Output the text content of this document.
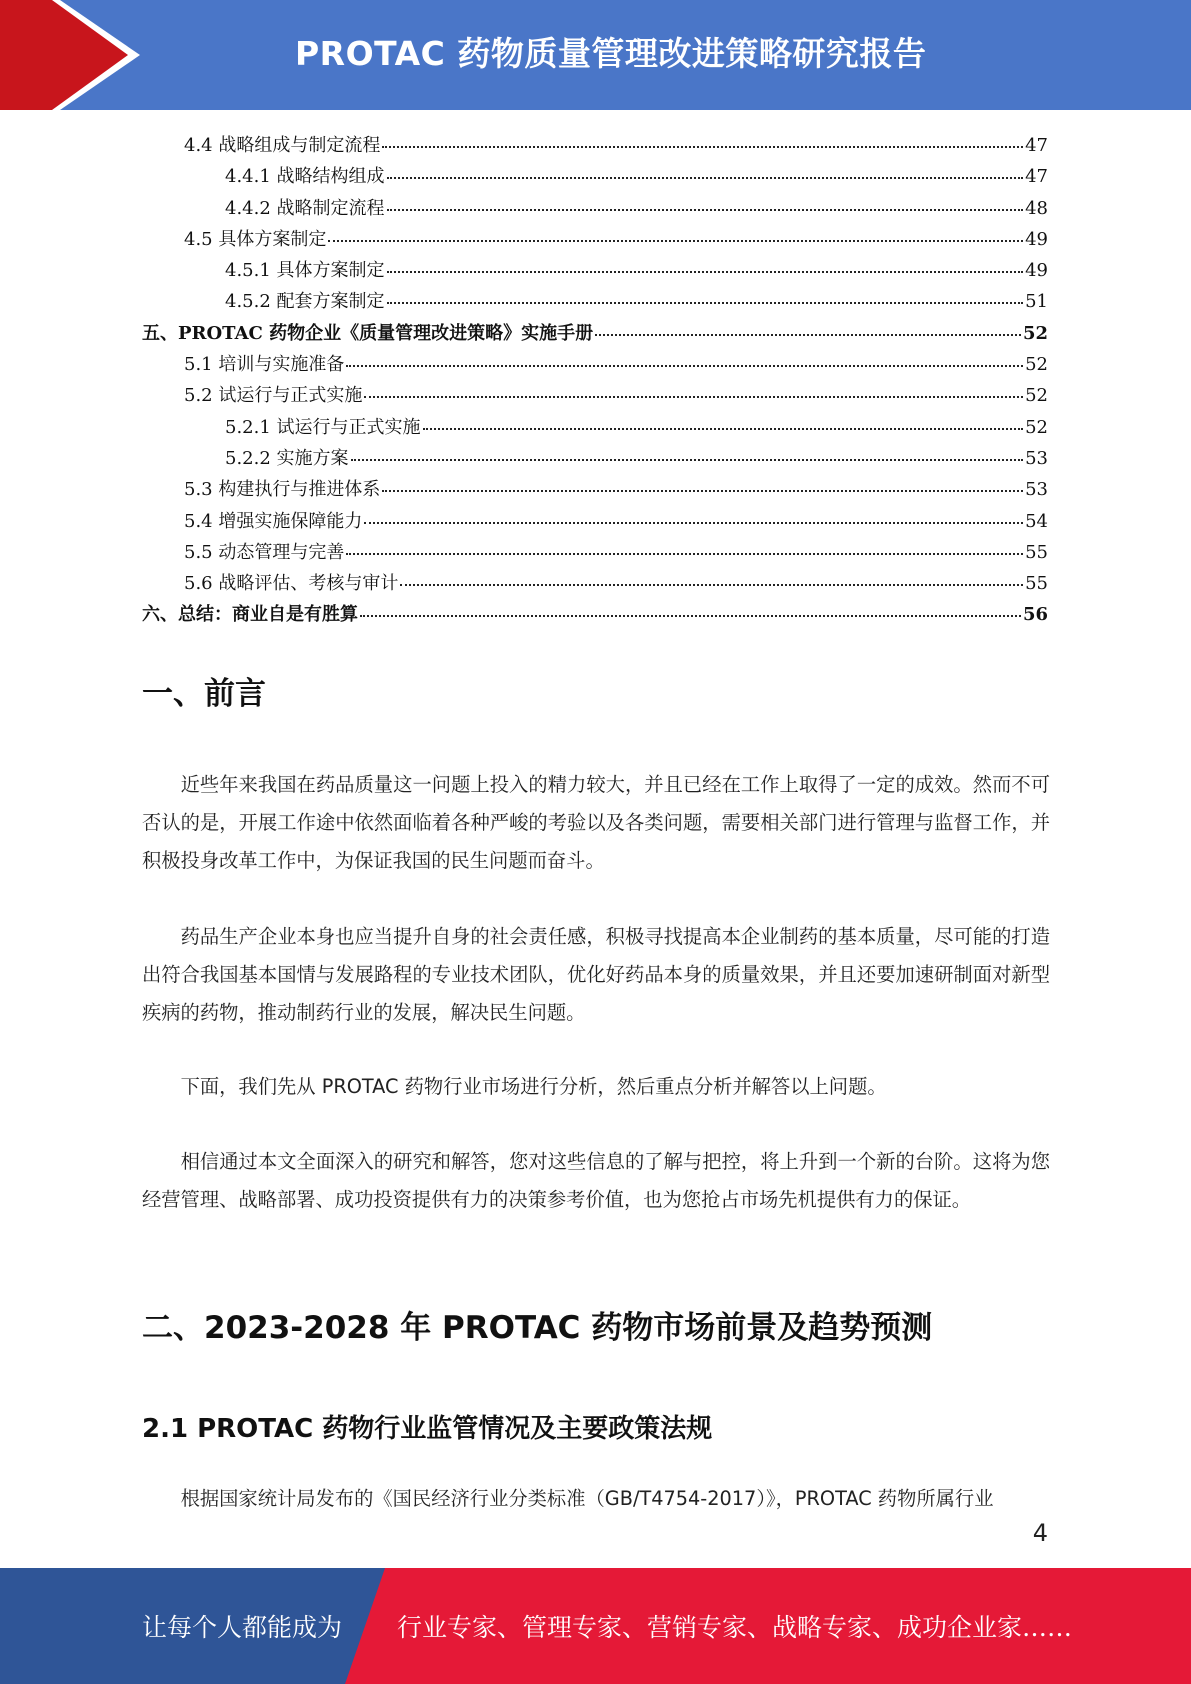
PROTAC 药物质量管理改进策略研究报告
4.4 战略组成与制定流程	47
4.4.1 战略结构组成	47
4.4.2 战略制定流程	48
4.5 具体方案制定	49
4.5.1 具体方案制定	49
4.5.2 配套方案制定	51
五、PROTAC 药物企业《质量管理改进策略》实施手册	52
5.1 培训与实施准备	52
5.2 试运行与正式实施	52
5.2.1 试运行与正式实施	52
5.2.2 实施方案	53
5.3 构建执行与推进体系	53
5.4 增强实施保障能力	54
5.5 动态管理与完善	55
5.6 战略评估、考核与审计	55
六、总结：商业自是有胜算	56
一、前言
近些年来我国在药品质量这一问题上投入的精力较大，并且已经在工作上取得了一定的成效。然而不可否认的是，开展工作途中依然面临着各种严峻的考验以及各类问题，需要相关部门进行管理与监督工作，并积极投身改革工作中，为保证我国的民生问题而奋斗。
药品生产企业本身也应当提升自身的社会责任感，积极寻找提高本企业制药的基本质量，尽可能的打造出符合我国基本国情与发展路程的专业技术团队，优化好药品本身的质量效果，并且还要加速研制面对新型疾病的药物，推动制药行业的发展，解决民生问题。
下面，我们先从 PROTAC 药物行业市场进行分析，然后重点分析并解答以上问题。
相信通过本文全面深入的研究和解答，您对这些信息的了解与把控，将上升到一个新的台阶。这将为您经营管理、战略部署、成功投资提供有力的决策参考价值，也为您抢占市场先机提供有力的保证。
二、2023-2028 年 PROTAC 药物市场前景及趋势预测
2.1 PROTAC 药物行业监管情况及主要政策法规
根据国家统计局发布的《国民经济行业分类标准（GB/T4754-2017）》，PROTAC 药物所属行业
4
让每个人都能成为 行业专家、管理专家、营销专家、战略专家、成功企业家……
